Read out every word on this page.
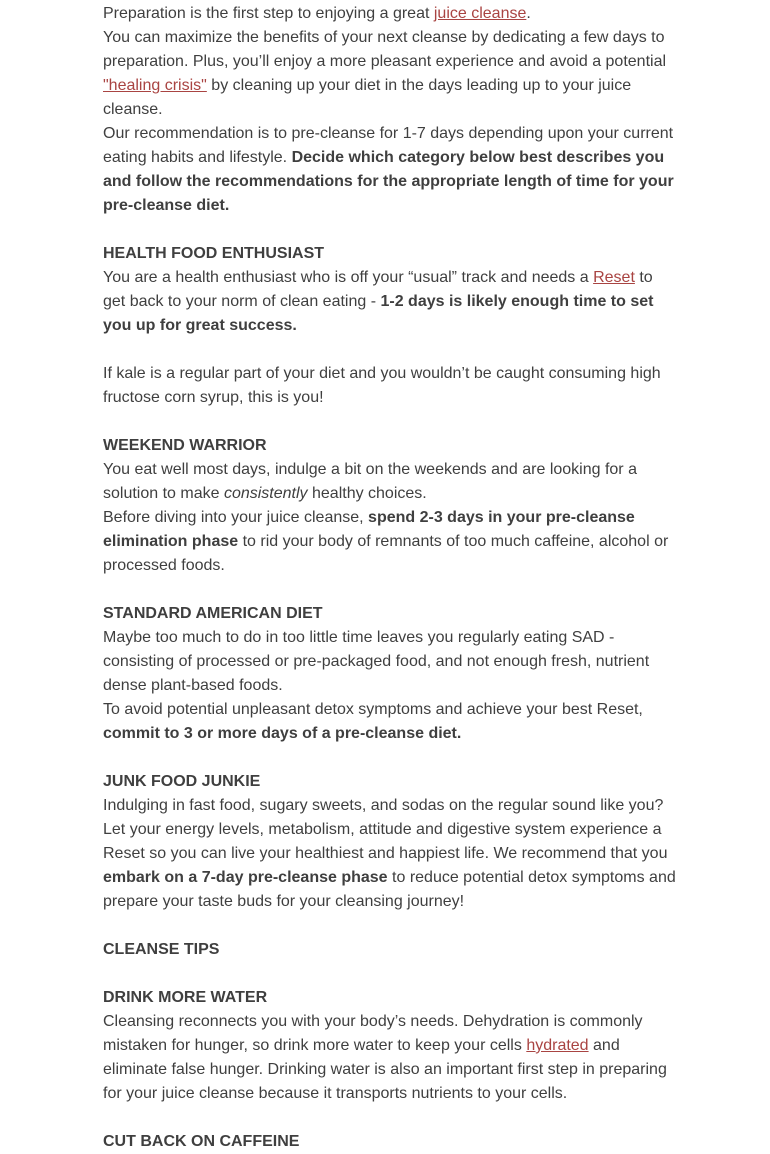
Preparation is the first step to enjoying a great juice cleanse.
You can maximize the benefits of your next cleanse by dedicating a few days to preparation. Plus, you’ll enjoy a more pleasant experience and avoid a potential "healing crisis" by cleaning up your diet in the days leading up to your juice cleanse.
Our recommendation is to pre-cleanse for 1-7 days depending upon your current eating habits and lifestyle. Decide which category below best describes you and follow the recommendations for the appropriate length of time for your pre-cleanse diet.
HEALTH FOOD ENTHUSIAST
You are a health enthusiast who is off your “usual” track and needs a Reset to get back to your norm of clean eating - 1-2 days is likely enough time to set you up for great success.
If kale is a regular part of your diet and you wouldn’t be caught consuming high fructose corn syrup, this is you!
WEEKEND WARRIOR
You eat well most days, indulge a bit on the weekends and are looking for a solution to make consistently healthy choices.
Before diving into your juice cleanse, spend 2-3 days in your pre-cleanse elimination phase to rid your body of remnants of too much caffeine, alcohol or processed foods.
STANDARD AMERICAN DIET
Maybe too much to do in too little time leaves you regularly eating SAD - consisting of processed or pre-packaged food, and not enough fresh, nutrient dense plant-based foods.
To avoid potential unpleasant detox symptoms and achieve your best Reset, commit to 3 or more days of a pre-cleanse diet.
JUNK FOOD JUNKIE
Indulging in fast food, sugary sweets, and sodas on the regular sound like you?
Let your energy levels, metabolism, attitude and digestive system experience a Reset so you can live your healthiest and happiest life. We recommend that you embark on a 7-day pre-cleanse phase to reduce potential detox symptoms and prepare your taste buds for your cleansing journey!
CLEANSE TIPS
DRINK MORE WATER
Cleansing reconnects you with your body’s needs. Dehydration is commonly mistaken for hunger, so drink more water to keep your cells hydrated and eliminate false hunger. Drinking water is also an important first step in preparing for your juice cleanse because it transports nutrients to your cells.
CUT BACK ON CAFFEINE
